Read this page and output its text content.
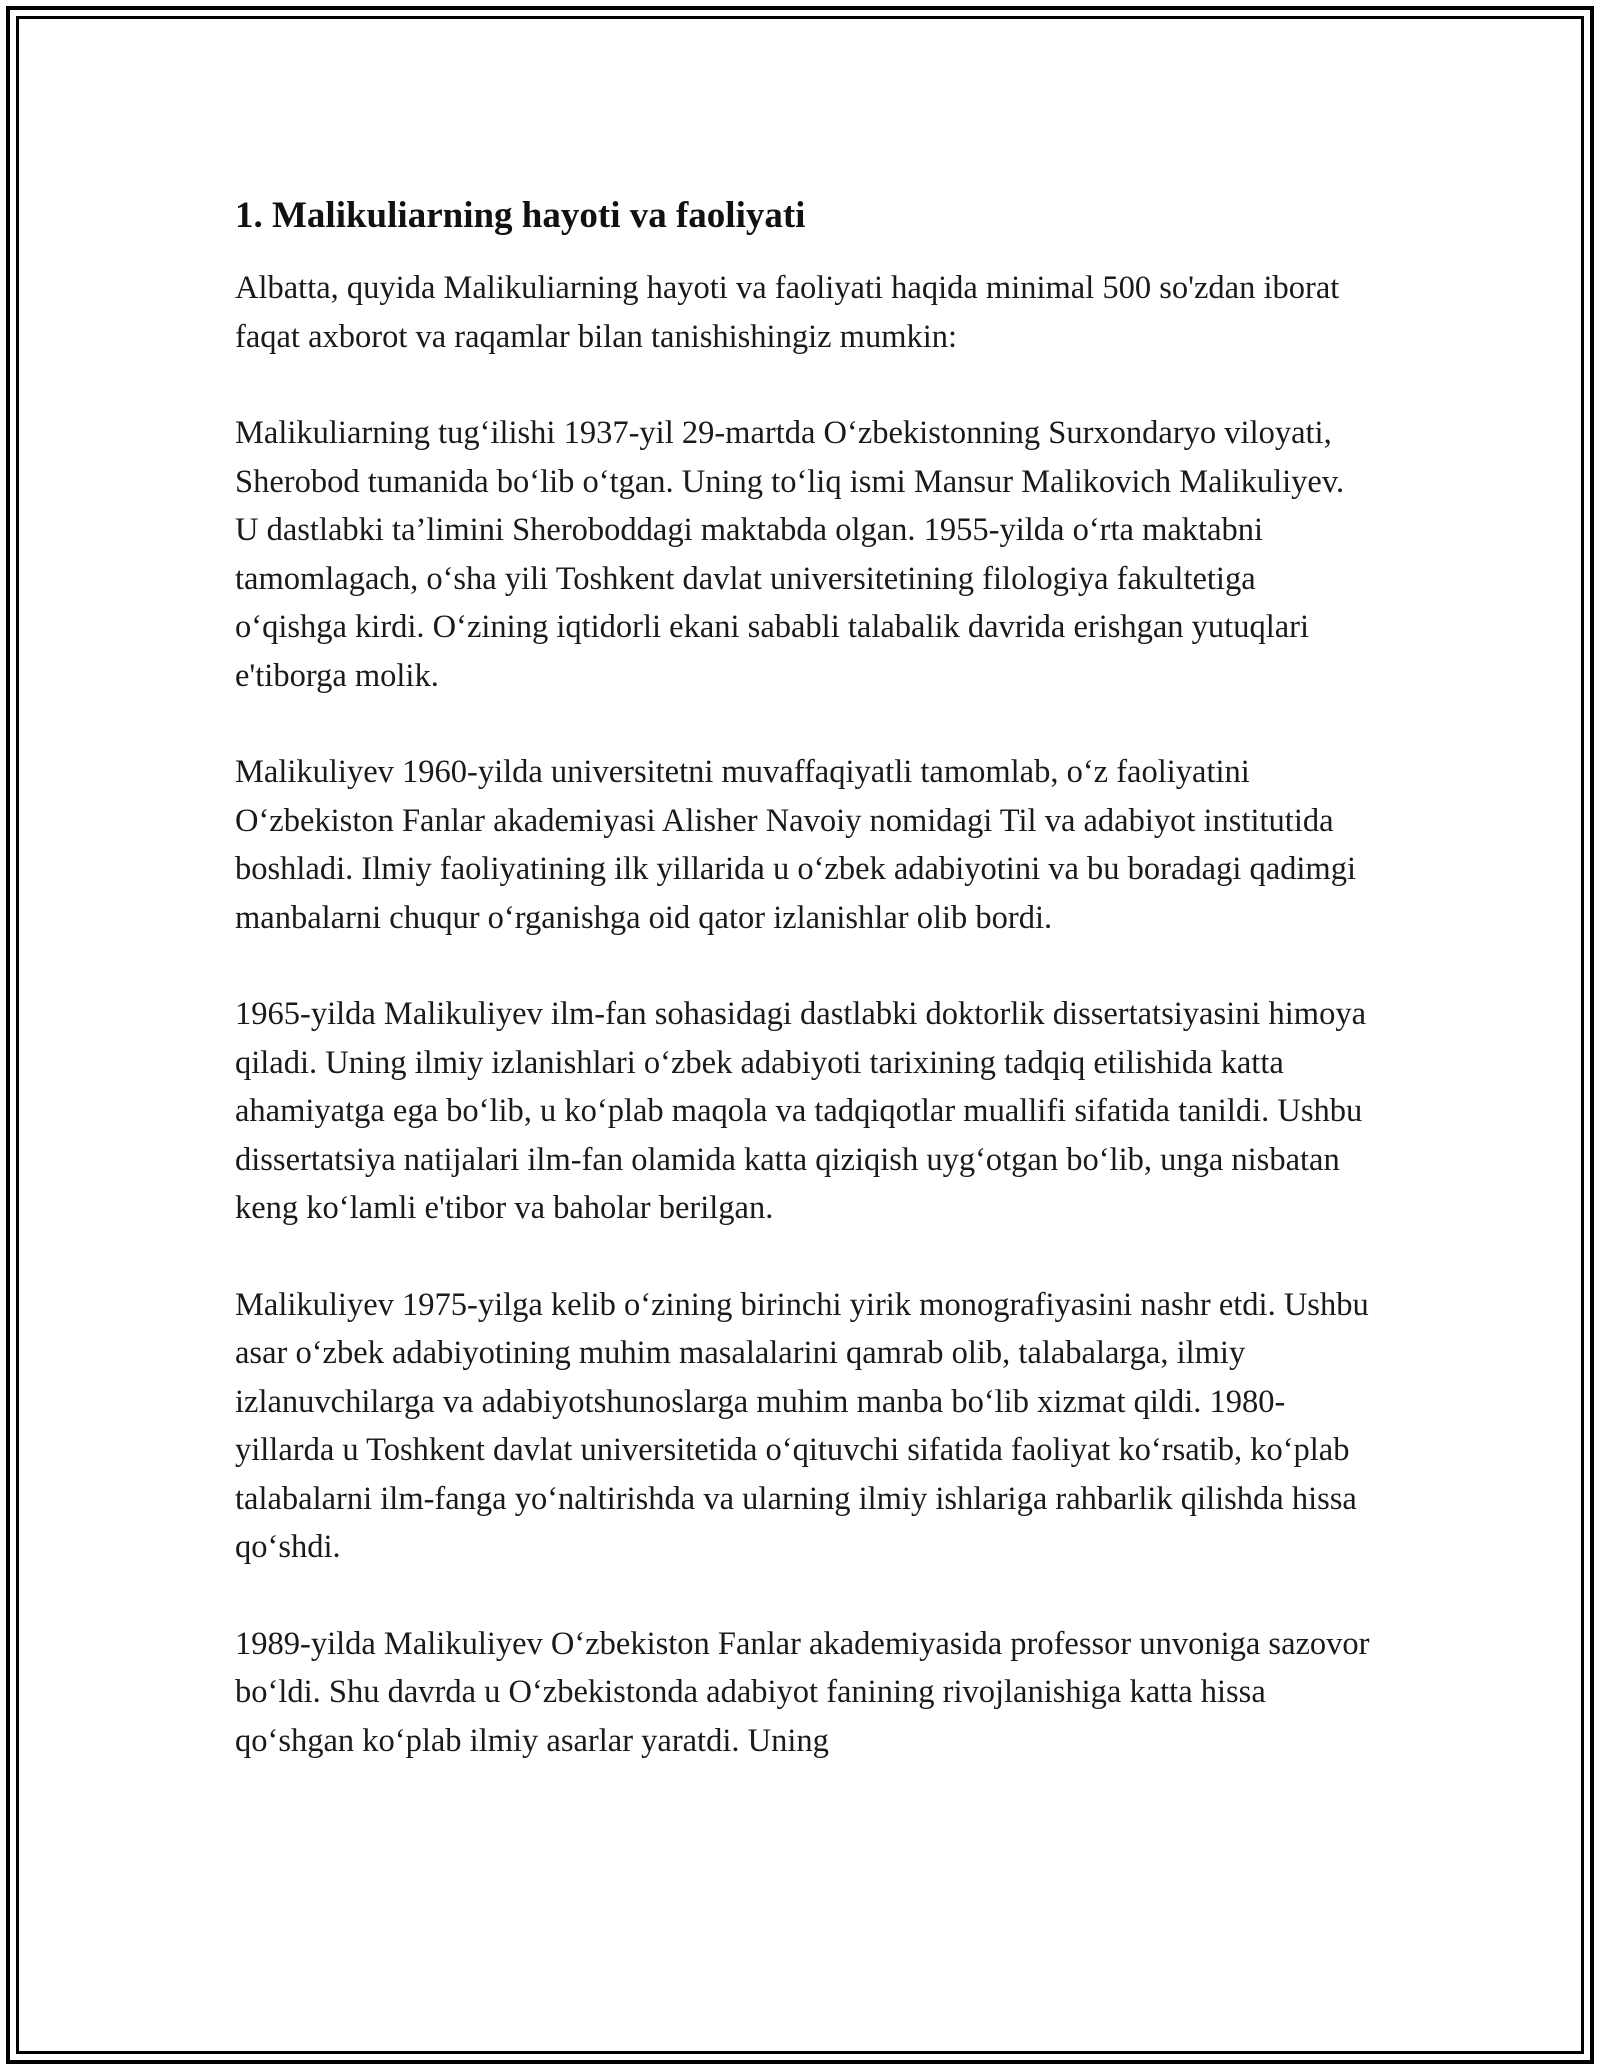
1. Malikuliarning hayoti va faoliyati

Albatta, quyida Malikuliarning hayoti va faoliyati haqida minimal 500 so'zdan iborat faqat axborot va raqamlar bilan tanishishingiz mumkin:

Malikuliarning tugʻilishi 1937-yil 29-martda Oʻzbekistonning Surxondaryo viloyati, Sherobod tumanida boʻlib oʻtgan. Uning toʻliq ismi Mansur Malikovich Malikuliyev. U dastlabki ta’limini Sheroboddagi maktabda olgan. 1955-yilda oʻrta maktabni tamomlagach, oʻsha yili Toshkent davlat universitetining filologiya fakultetiga oʻqishga kirdi. Oʻzining iqtidorli ekani sababli talabalik davrida erishgan yutuqlari e'tiborga molik.

Malikuliyev 1960-yilda universitetni muvaffaqiyatli tamomlab, oʻz faoliyatini Oʻzbekiston Fanlar akademiyasi Alisher Navoiy nomidagi Til va adabiyot institutida boshladi. Ilmiy faoliyatining ilk yillarida u oʻzbek adabiyotini va bu boradagi qadimgi manbalarni chuqur oʻrganishga oid qator izlanishlar olib bordi.

1965-yilda Malikuliyev ilm-fan sohasidagi dastlabki doktorlik dissertatsiyasini himoya qiladi. Uning ilmiy izlanishlari oʻzbek adabiyoti tarixining tadqiq etilishida katta ahamiyatga ega boʻlib, u koʻplab maqola va tadqiqotlar muallifi sifatida tanildi. Ushbu dissertatsiya natijalari ilm-fan olamida katta qiziqish uygʻotgan boʻlib, unga nisbatan keng koʻlamli e'tibor va baholar berilgan.

Malikuliyev 1975-yilga kelib oʻzining birinchi yirik monografiyasini nashr etdi. Ushbu asar oʻzbek adabiyotining muhim masalalarini qamrab olib, talabalarga, ilmiy izlanuvchilarga va adabiyotshunoslarga muhim manba boʻlib xizmat qildi. 1980-yillarda u Toshkent davlat universitetida oʻqituvchi sifatida faoliyat koʻrsatib, koʻplab talabalarni ilm-fanga yoʻnaltirishda va ularning ilmiy ishlariga rahbarlik qilishda hissa qoʻshdi.

1989-yilda Malikuliyev Oʻzbekiston Fanlar akademiyasida professor unvoniga sazovor boʻldi. Shu davrda u Oʻzbekistonda adabiyot fanining rivojlanishiga katta hissa qoʻshgan koʻplab ilmiy asarlar yaratdi. Uning
